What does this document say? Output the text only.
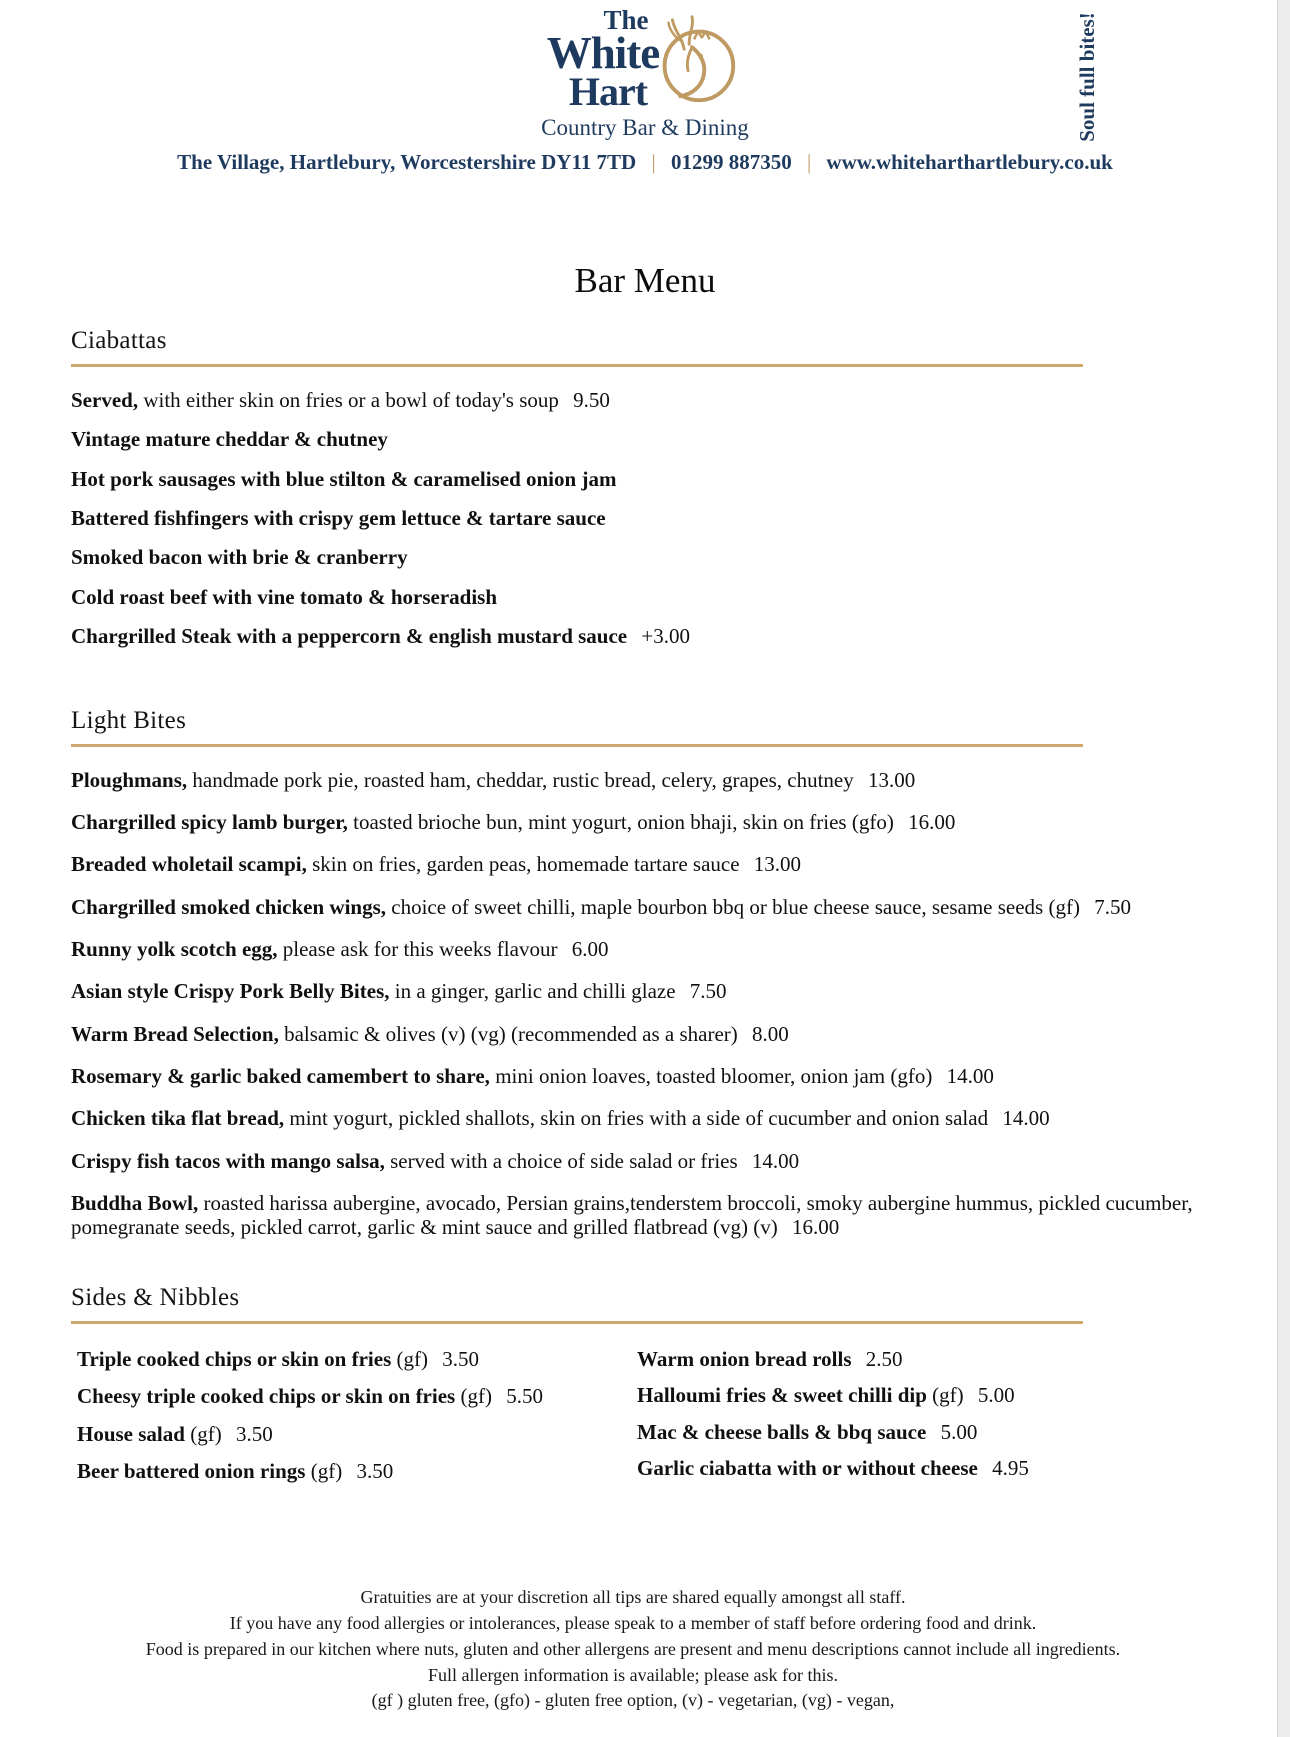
Soul full bites!
The
White
Hart
Country Bar & Dining
The Village, Hartlebury, Worcestershire DY11 7TD | 01299 887350 | www.whiteharthartlebury.co.uk
Bar Menu
Ciabattas
Served, with either skin on fries or a bowl of today's soup 9.50
Vintage mature cheddar & chutney
Hot pork sausages with blue stilton & caramelised onion jam
Battered fishfingers with crispy gem lettuce & tartare sauce
Smoked bacon with brie & cranberry
Cold roast beef with vine tomato & horseradish
Chargrilled Steak with a peppercorn & english mustard sauce +3.00
Light Bites
Ploughmans, handmade pork pie, roasted ham, cheddar, rustic bread, celery, grapes, chutney 13.00
Chargrilled spicy lamb burger, toasted brioche bun, mint yogurt, onion bhaji, skin on fries (gfo) 16.00
Breaded wholetail scampi, skin on fries, garden peas, homemade tartare sauce 13.00
Chargrilled smoked chicken wings, choice of sweet chilli, maple bourbon bbq or blue cheese sauce, sesame seeds (gf) 7.50
Runny yolk scotch egg, please ask for this weeks flavour 6.00
Asian style Crispy Pork Belly Bites, in a ginger, garlic and chilli glaze 7.50
Warm Bread Selection, balsamic & olives (v) (vg) (recommended as a sharer) 8.00
Rosemary & garlic baked camembert to share, mini onion loaves, toasted bloomer, onion jam (gfo) 14.00
Chicken tika flat bread, mint yogurt, pickled shallots, skin on fries with a side of cucumber and onion salad 14.00
Crispy fish tacos with mango salsa, served with a choice of side salad or fries 14.00
Buddha Bowl, roasted harissa aubergine, avocado, Persian grains,tenderstem broccoli, smoky aubergine hummus, pickled cucumber, pomegranate seeds, pickled carrot, garlic & mint sauce and grilled flatbread (vg) (v) 16.00
Sides & Nibbles
Triple cooked chips or skin on fries (gf) 3.50
Cheesy triple cooked chips or skin on fries (gf) 5.50
House salad (gf) 3.50
Beer battered onion rings (gf) 3.50
Warm onion bread rolls 2.50
Halloumi fries & sweet chilli dip (gf) 5.00
Mac & cheese balls & bbq sauce 5.00
Garlic ciabatta with or without cheese 4.95
Gratuities are at your discretion all tips are shared equally amongst all staff.
If you have any food allergies or intolerances, please speak to a member of staff before ordering food and drink.
Food is prepared in our kitchen where nuts, gluten and other allergens are present and menu descriptions cannot include all ingredients.
Full allergen information is available; please ask for this.
(gf ) gluten free, (gfo) - gluten free option, (v) - vegetarian, (vg) - vegan,
